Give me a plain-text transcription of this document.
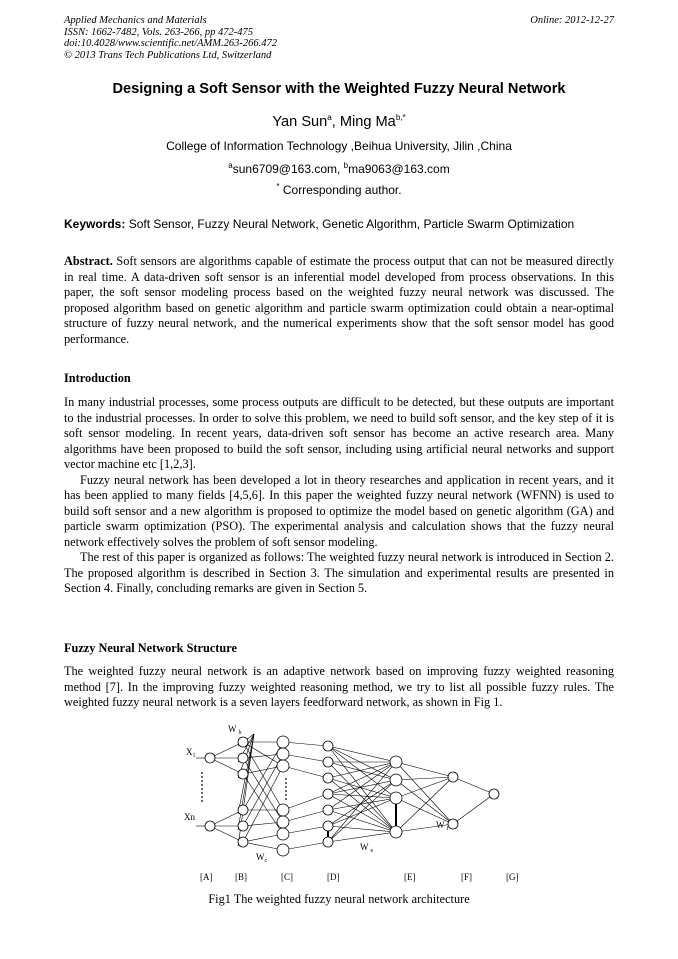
Applied Mechanics and Materials
ISSN: 1662-7482, Vols. 263-266, pp 472-475
doi:10.4028/www.scientific.net/AMM.263-266.472
© 2013 Trans Tech Publications Ltd, Switzerland
Online: 2012-12-27
Designing a Soft Sensor with the Weighted Fuzzy Neural Network
Yan Sun$^a$, Ming $Ma^{b,*}$
College of Information Technology ,Beihua University, Jilin ,China
$^a$sun6709@163.com, $^b$ma9063@163.com
* Corresponding author.
Keywords: Soft Sensor, Fuzzy Neural Network, Genetic Algorithm, Particle Swarm Optimization

Abstract. Soft sensors are algorithms capable of estimate the process output that can not be measured directly in real time. A data-driven soft sensor is an inferential model developed from process observations. In this paper, the soft sensor modeling process based on the weighted fuzzy neural network was discussed. The proposed algorithm based on genetic algorithm and particle swarm optimization could obtain a near-optimal structure of fuzzy neural network, and the numerical experiments show that the soft sensor model has good performance.

Introduction

In many industrial processes, some process outputs are difficult to be detected, but these outputs are important to the industrial processes. In order to solve this problem, we need to build soft sensor, and the key step of it is soft sensor modeling. In recent years, data-driven soft sensor has become an active research area. Many algorithms have been proposed to build the soft sensor, including using artificial neural networks and support vector machine etc [1,2,3].

Fuzzy neural network has been developed a lot in theory researches and application in recent years, and it has been applied to many fields [4,5,6]. In this paper the weighted fuzzy neural network (WFNN) is used to build soft sensor and a new algorithm is proposed to optimize the model based on genetic algorithm (GA) and particle swarm optimization (PSO). The experimental analysis and calculation shows that the fuzzy neural network effectively solves the problem of soft sensor modeling.

The rest of this paper is organized as follows: The weighted fuzzy neural network is introduced in Section 2. The proposed algorithm is described in Section 3. The simulation and experimental results are presented in Section 4. Finally, concluding remarks are given in Section 5.

Fuzzy Neural Network Structure

The weighted fuzzy neural network is an adaptive network based on improving fuzzy weighted reasoning method [7]. In the improving fuzzy weighted reasoning method, we try to list all possible fuzzy rules. The weighted fuzzy neural network is a seven layers feedforward network, as shown in Fig 1.

W $_b$
$X_1$
Xn
$W_c$
W $_e$
W $_f$
[A]	[B]	[C]	[D]	[E]	[F]	[G]
Fig1 The weighted fuzzy neural network architecture
